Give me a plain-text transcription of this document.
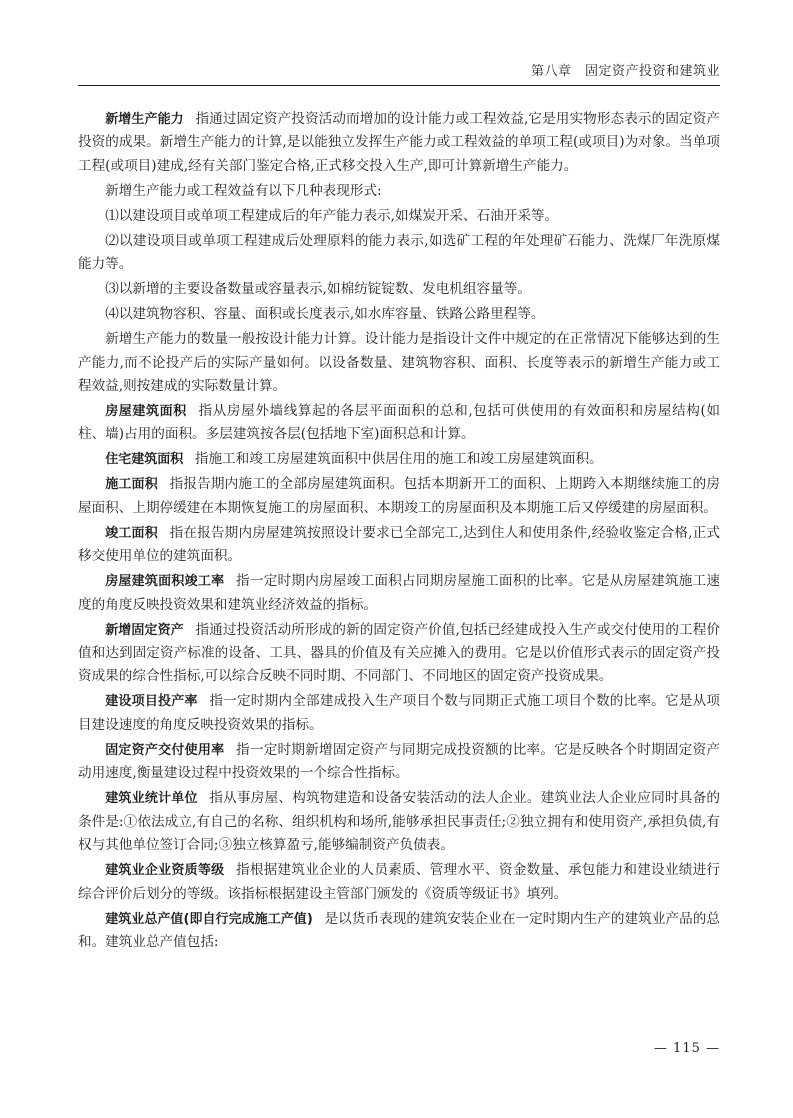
第八章　固定资产投资和建筑业

新增生产能力 指通过固定资产投资活动而增加的设计能力或工程效益,它是用实物形态表示的固定资产投资的成果。新增生产能力的计算,是以能独立发挥生产能力或工程效益的单项工程(或项目)为对象。当单项工程(或项目)建成,经有关部门鉴定合格,正式移交投入生产,即可计算新增生产能力。

新增生产能力或工程效益有以下几种表现形式:

⑴以建设项目或单项工程建成后的年产能力表示,如煤炭开采、石油开采等。

⑵以建设项目或单项工程建成后处理原料的能力表示,如选矿工程的年处理矿石能力、洗煤厂年洗原煤能力等。

⑶以新增的主要设备数量或容量表示,如棉纺锭锭数、发电机组容量等。

⑷以建筑物容积、容量、面积或长度表示,如水库容量、铁路公路里程等。

新增生产能力的数量一般按设计能力计算。设计能力是指设计文件中规定的在正常情况下能够达到的生产能力,而不论投产后的实际产量如何。以设备数量、建筑物容积、面积、长度等表示的新增生产能力或工程效益,则按建成的实际数量计算。

房屋建筑面积 指从房屋外墙线算起的各层平面面积的总和,包括可供使用的有效面积和房屋结构(如柱、墙)占用的面积。多层建筑按各层(包括地下室)面积总和计算。

住宅建筑面积 指施工和竣工房屋建筑面积中供居住用的施工和竣工房屋建筑面积。

施工面积 指报告期内施工的全部房屋建筑面积。包括本期新开工的面积、上期跨入本期继续施工的房屋面积、上期停缓建在本期恢复施工的房屋面积、本期竣工的房屋面积及本期施工后又停缓建的房屋面积。

竣工面积 指在报告期内房屋建筑按照设计要求已全部完工,达到住人和使用条件,经验收鉴定合格,正式移交使用单位的建筑面积。

房屋建筑面积竣工率 指一定时期内房屋竣工面积占同期房屋施工面积的比率。它是从房屋建筑施工速度的角度反映投资效果和建筑业经济效益的指标。

新增固定资产 指通过投资活动所形成的新的固定资产价值,包括已经建成投入生产或交付使用的工程价值和达到固定资产标准的设备、工具、器具的价值及有关应摊入的费用。它是以价值形式表示的固定资产投资成果的综合性指标,可以综合反映不同时期、不同部门、不同地区的固定资产投资成果。

建设项目投产率 指一定时期内全部建成投入生产项目个数与同期正式施工项目个数的比率。它是从项目建设速度的角度反映投资效果的指标。

固定资产交付使用率 指一定时期新增固定资产与同期完成投资额的比率。它是反映各个时期固定资产动用速度,衡量建设过程中投资效果的一个综合性指标。

建筑业统计单位 指从事房屋、构筑物建造和设备安装活动的法人企业。建筑业法人企业应同时具备的条件是:①依法成立,有自己的名称、组织机构和场所,能够承担民事责任;②独立拥有和使用资产,承担负债,有权与其他单位签订合同;③独立核算盈亏,能够编制资产负债表。

建筑业企业资质等级 指根据建筑业企业的人员素质、管理水平、资金数量、承包能力和建设业绩进行综合评价后划分的等级。该指标根据建设主管部门颁发的《资质等级证书》填列。

建筑业总产值(即自行完成施工产值) 是以货币表现的建筑安装企业在一定时期内生产的建筑业产品的总和。建筑业总产值包括:

— 115 —
